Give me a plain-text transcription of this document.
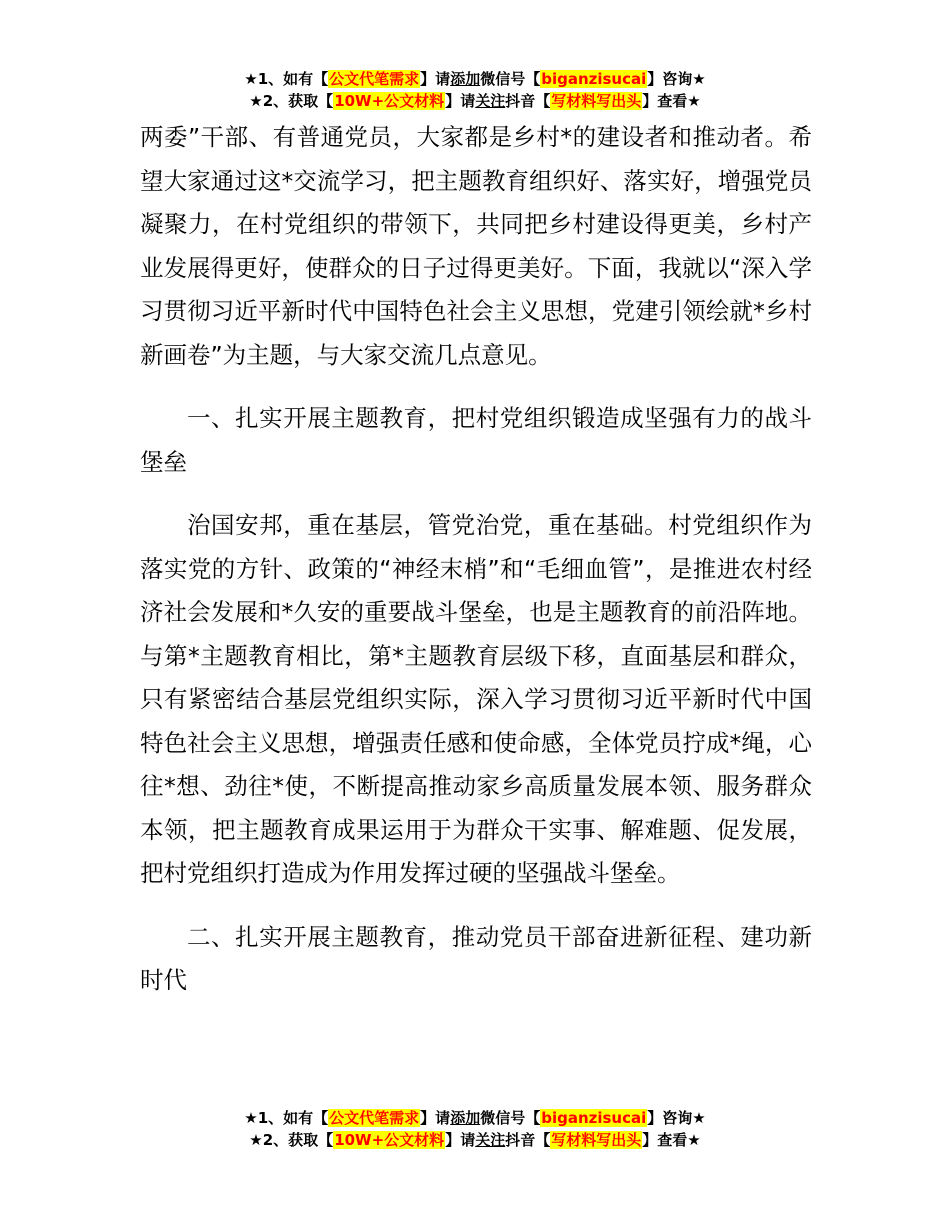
★1、如有【公文代笔需求】请添加微信号【biganzisucai】咨询★
★2、获取【10W+公文材料】请关注抖音【写材料写出头】查看★

两委”干部、有普通党员，大家都是乡村*的建设者和推动者。希望大家通过这*交流学习，把主题教育组织好、落实好，增强党员凝聚力，在村党组织的带领下，共同把乡村建设得更美，乡村产业发展得更好，使群众的日子过得更美好。下面，我就以“深入学习贯彻习近平新时代中国特色社会主义思想，党建引领绘就*乡村新画卷”为主题，与大家交流几点意见。

一、扎实开展主题教育，把村党组织锻造成坚强有力的战斗堡垒

治国安邦，重在基层，管党治党，重在基础。村党组织作为落实党的方针、政策的“神经末梢”和“毛细血管”，是推进农村经济社会发展和*久安的重要战斗堡垒，也是主题教育的前沿阵地。与第*主题教育相比，第*主题教育层级下移，直面基层和群众，只有紧密结合基层党组织实际，深入学习贯彻习近平新时代中国特色社会主义思想，增强责任感和使命感，全体党员拧成*绳，心往*想、劲往*使，不断提高推动家乡高质量发展本领、服务群众本领，把主题教育成果运用于为群众干实事、解难题、促发展，把村党组织打造成为作用发挥过硬的坚强战斗堡垒。

二、扎实开展主题教育，推动党员干部奋进新征程、建功新时代

★1、如有【公文代笔需求】请添加微信号【biganzisucai】咨询★
★2、获取【10W+公文材料】请关注抖音【写材料写出头】查看★
